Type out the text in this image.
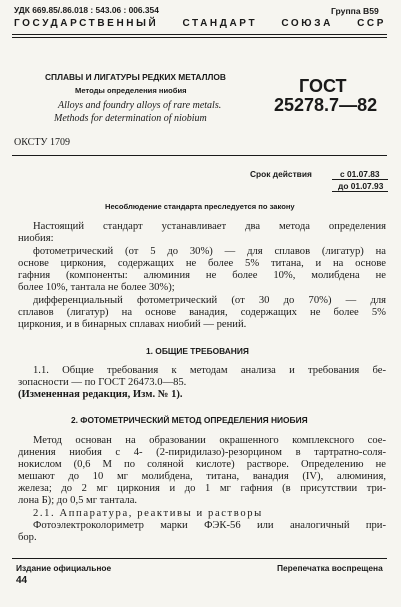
УДК 669.85/.86.018 : 543.06 : 006.354	Группа В59
ГОСУДАРСТВЕННЫЙ СТАНДАРТ СОЮЗА ССР
СПЛАВЫ И ЛИГАТУРЫ РЕДКИХ МЕТАЛЛОВ
Методы определения ниобия
Alloys and foundry alloys of rare metals.
Methods for determination of niobium
ГОСТ
25278.7—82
ОКСТУ 1709
Срок действия	с 01.07.83
до 01.07.93
Несоблюдение стандарта преследуется по закону
Настоящий стандарт устанавливает два метода определения
ниобия:
фотометрический (от 5 до 30%) — для сплавов (лигатур) на
основе циркония, содержащих не более 5% титана, и на основе
гафния (компоненты: алюминия не более 10%, молибдена не
более 10%, тантала не более 30%);
дифференциальный фотометрический (от 30 до 70%) — для
сплавов (лигатур) на основе ванадия, содержащих не более 5%
циркония, и в бинарных сплавах ниобий — рений.
1. ОБЩИЕ ТРЕБОВАНИЯ
1.1. Общие требования к методам анализа и требования бе-
зопасности — по ГОСТ 26473.0—85.
(Измененная редакция, Изм. № 1).
2. ФОТОМЕТРИЧЕСКИЙ МЕТОД ОПРЕДЕЛЕНИЯ НИОБИЯ
Метод основан на образовании окрашенного комплексного сое-
динения ниобия с 4- (2-пиридилазо)-резорцином в тартратно-соля-
нокислом (0,6 М по соляной кислоте) растворе. Определению не
мешают до 10 мг молибдена, титана, ванадия (IV), алюминия,
железа; до 2 мг циркония и до 1 мг гафния (в присутствии три-
лона Б); до 0,5 мг тантала.
2.1. Аппаратура, реактивы и растворы
Фотоэлектроколориметр марки ФЭК-56 или аналогичный при-
бор.
Издание официальное	Перепечатка воспрещена
44
